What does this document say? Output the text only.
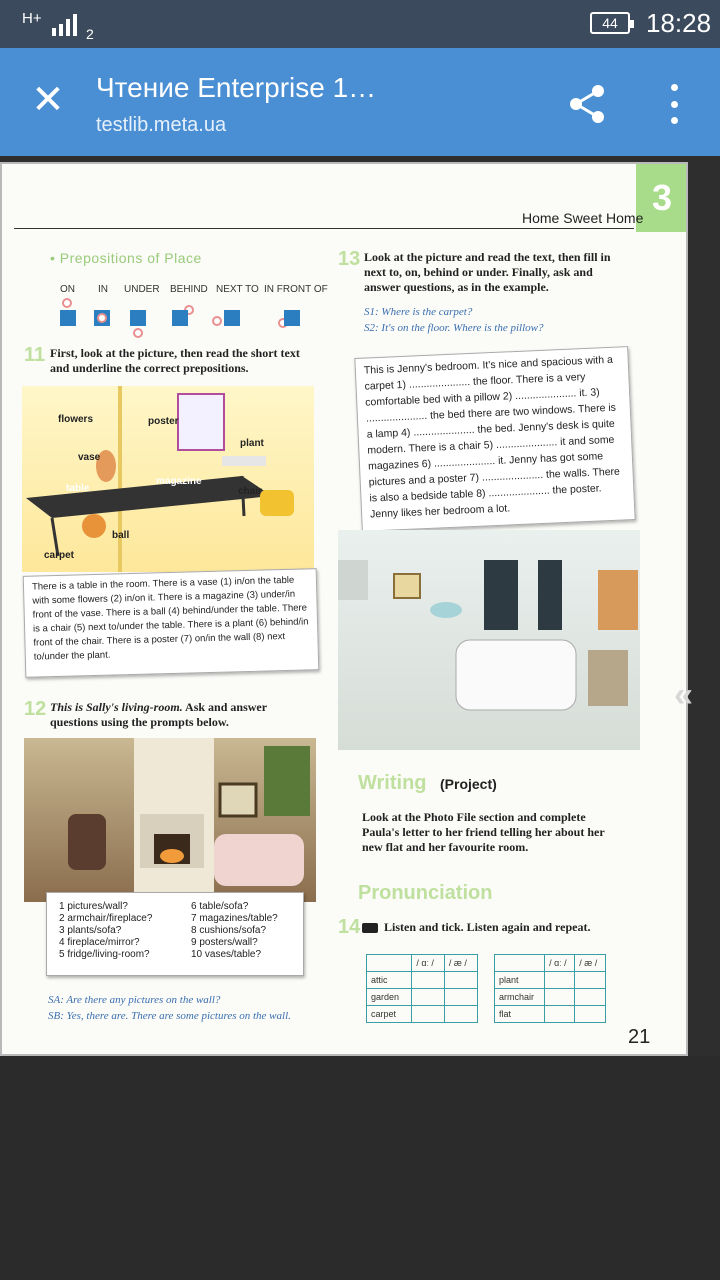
H+
2
44	18:28
✕ Чтение Enterprise 1…
testlib.meta.ua
3
Home Sweet Home
• Prepositions of Place
ON IN UNDER BEHIND NEXT TO IN FRONT OF
11 First, look at the picture, then read the short text and underline the correct prepositions.
flowers	poster
plant
vase
table
magazine
chair
ball
carpet
There is a table in the room. There is a vase (1) in/on the table with some flowers (2) in/on it. There is a magazine (3) under/in front of the vase. There is a ball (4) behind/under the table. There is a chair (5) next to/under the table. There is a plant (6) behind/in front of the chair. There is a poster (7) on/in the wall (8) next to/under the plant.
12 This is Sally's living-room. Ask and answer questions using the prompts below.
1 pictures/wall?
2 armchair/fireplace?
3 plants/sofa?
4 fireplace/mirror?
5 fridge/living-room?
6 table/sofa?
7 magazines/table?
8 cushions/sofa?
9 posters/wall?
10 vases/table?
SA: Are there any pictures on the wall?
SB: Yes, there are. There are some pictures on the wall.
13 Look at the picture and read the text, then fill in next to, on, behind or under. Finally, ask and answer questions, as in the example.
S1: Where is the carpet?
S2: It's on the floor. Where is the pillow?
This is Jenny's bedroom. It's nice and spacious with a carpet 1) ..................... the floor. There is a very comfortable bed with a pillow 2) ..................... it. 3) ..................... the bed there are two windows. There is a lamp 4) ..................... the bed. Jenny's desk is quite modern. There is a chair 5) ..................... it and some magazines 6) ..................... it. Jenny has got some pictures and a poster 7) ..................... the walls. There is also a bedside table 8) ..................... the poster. Jenny likes her bedroom a lot.
Writing (Project)
Look at the Photo File section and complete Paula's letter to her friend telling her about her new flat and her favourite room.
Pronunciation
14	Listen and tick. Listen again and repeat.
	/ ɑː /	/ æ /
attic		
garden		
carpet		
	/ ɑː /	/ æ /
plant		
armchair		
flat		
21
«
